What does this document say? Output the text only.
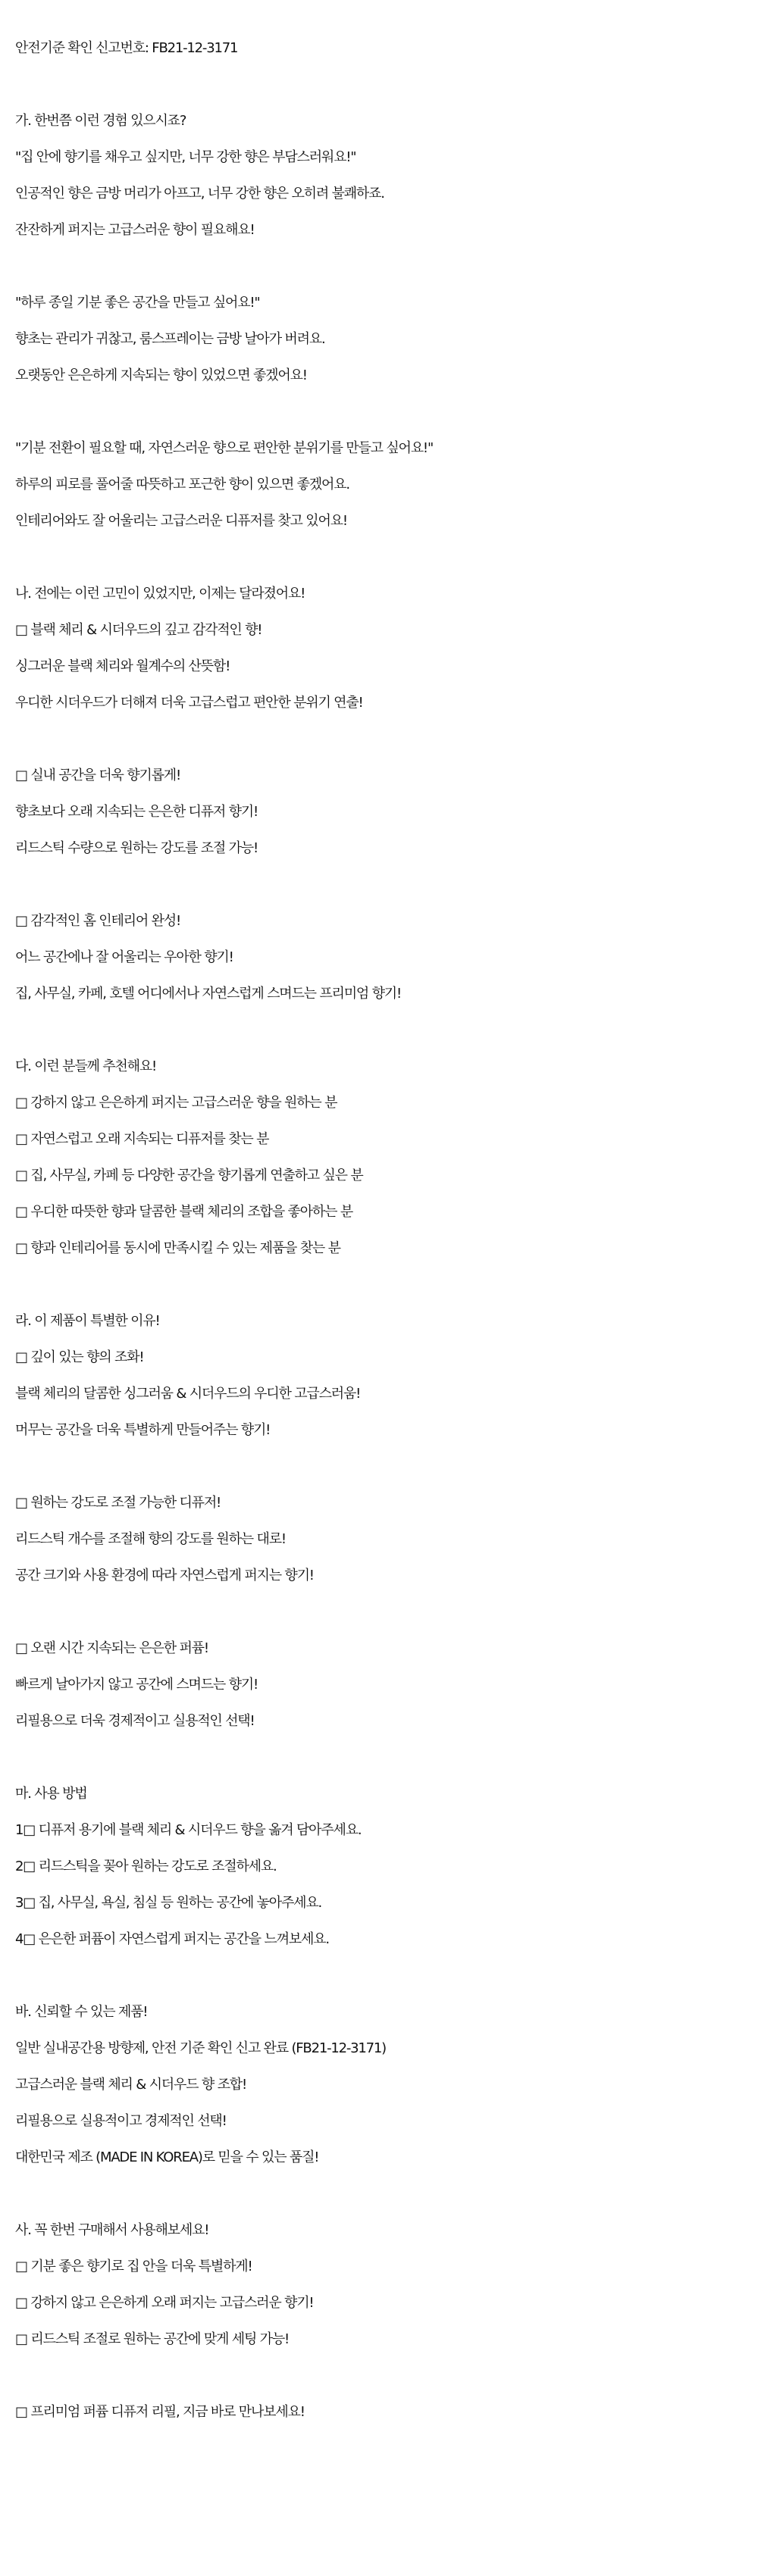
안전기준 확인 신고번호: FB21-12-3171
가. 한번쯤 이런 경험 있으시죠?
"집 안에 향기를 채우고 싶지만, 너무 강한 향은 부담스러워요!"
인공적인 향은 금방 머리가 아프고, 너무 강한 향은 오히려 불쾌하죠.
잔잔하게 퍼지는 고급스러운 향이 필요해요!
"하루 종일 기분 좋은 공간을 만들고 싶어요!"
향초는 관리가 귀찮고, 룸스프레이는 금방 날아가 버려요.
오랫동안 은은하게 지속되는 향이 있었으면 좋겠어요!
"기분 전환이 필요할 때, 자연스러운 향으로 편안한 분위기를 만들고 싶어요!"
하루의 피로를 풀어줄 따뜻하고 포근한 향이 있으면 좋겠어요.
인테리어와도 잘 어울리는 고급스러운 디퓨저를 찾고 있어요!
나. 전에는 이런 고민이 있었지만, 이제는 달라졌어요!
□ 블랙 체리 & 시더우드의 깊고 감각적인 향!
싱그러운 블랙 체리와 월계수의 산뜻함!
우디한 시더우드가 더해져 더욱 고급스럽고 편안한 분위기 연출!
□ 실내 공간을 더욱 향기롭게!
향초보다 오래 지속되는 은은한 디퓨저 향기!
리드스틱 수량으로 원하는 강도를 조절 가능!
□ 감각적인 홈 인테리어 완성!
어느 공간에나 잘 어울리는 우아한 향기!
집, 사무실, 카페, 호텔 어디에서나 자연스럽게 스며드는 프리미엄 향기!
다. 이런 분들께 추천해요!
□ 강하지 않고 은은하게 퍼지는 고급스러운 향을 원하는 분
□ 자연스럽고 오래 지속되는 디퓨저를 찾는 분
□ 집, 사무실, 카페 등 다양한 공간을 향기롭게 연출하고 싶은 분
□ 우디한 따뜻한 향과 달콤한 블랙 체리의 조합을 좋아하는 분
□ 향과 인테리어를 동시에 만족시킬 수 있는 제품을 찾는 분
라. 이 제품이 특별한 이유!
□ 깊이 있는 향의 조화!
블랙 체리의 달콤한 싱그러움 & 시더우드의 우디한 고급스러움!
머무는 공간을 더욱 특별하게 만들어주는 향기!
□ 원하는 강도로 조절 가능한 디퓨저!
리드스틱 개수를 조절해 향의 강도를 원하는 대로!
공간 크기와 사용 환경에 따라 자연스럽게 퍼지는 향기!
□ 오랜 시간 지속되는 은은한 퍼퓸!
빠르게 날아가지 않고 공간에 스며드는 향기!
리필용으로 더욱 경제적이고 실용적인 선택!
마. 사용 방법
1□ 디퓨저 용기에 블랙 체리 & 시더우드 향을 옮겨 담아주세요.
2□ 리드스틱을 꽂아 원하는 강도로 조절하세요.
3□ 집, 사무실, 욕실, 침실 등 원하는 공간에 놓아주세요.
4□ 은은한 퍼퓸이 자연스럽게 퍼지는 공간을 느껴보세요.
바. 신뢰할 수 있는 제품!
일반 실내공간용 방향제, 안전 기준 확인 신고 완료 (FB21-12-3171)
고급스러운 블랙 체리 & 시더우드 향 조합!
리필용으로 실용적이고 경제적인 선택!
대한민국 제조 (MADE IN KOREA)로 믿을 수 있는 품질!
사. 꼭 한번 구매해서 사용해보세요!
□ 기분 좋은 향기로 집 안을 더욱 특별하게!
□ 강하지 않고 은은하게 오래 퍼지는 고급스러운 향기!
□ 리드스틱 조절로 원하는 공간에 맞게 세팅 가능!
□ 프리미엄 퍼퓸 디퓨저 리필, 지금 바로 만나보세요!
